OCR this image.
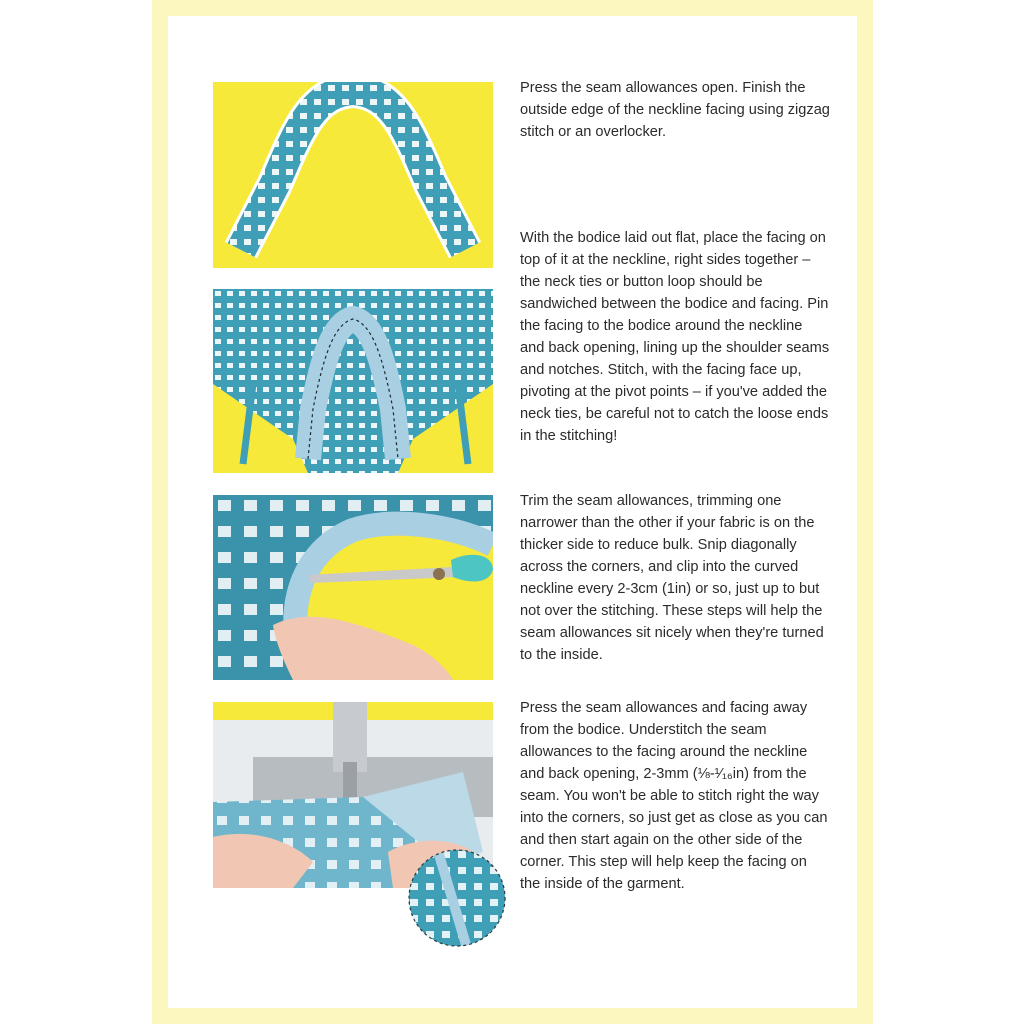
Press the seam allowances open. Finish the outside edge of the neckline facing using zigzag stitch or an overlocker.

With the bodice laid out flat, place the facing on top of it at the neckline, right sides together – the neck ties or button loop should be sandwiched between the bodice and facing. Pin the facing to the bodice around the neckline and back opening, lining up the shoulder seams and notches. Stitch, with the facing face up, pivoting at the pivot points – if you've added the neck ties, be careful not to catch the loose ends in the stitching!

Trim the seam allowances, trimming one narrower than the other if your fabric is on the thicker side to reduce bulk. Snip diagonally across the corners, and clip into the curved neckline every 2-3cm (1in) or so, just up to but not over the stitching. These steps will help the seam allowances sit nicely when they're turned to the inside.

Press the seam allowances and facing away from the bodice. Understitch the seam allowances to the facing around the neckline and back opening, 2-3mm (⅛-¹⁄₁₆in) from the seam. You won't be able to stitch right the way into the corners, so just get as close as you can and then start again on the other side of the corner. This step will help keep the facing on the inside of the garment.
